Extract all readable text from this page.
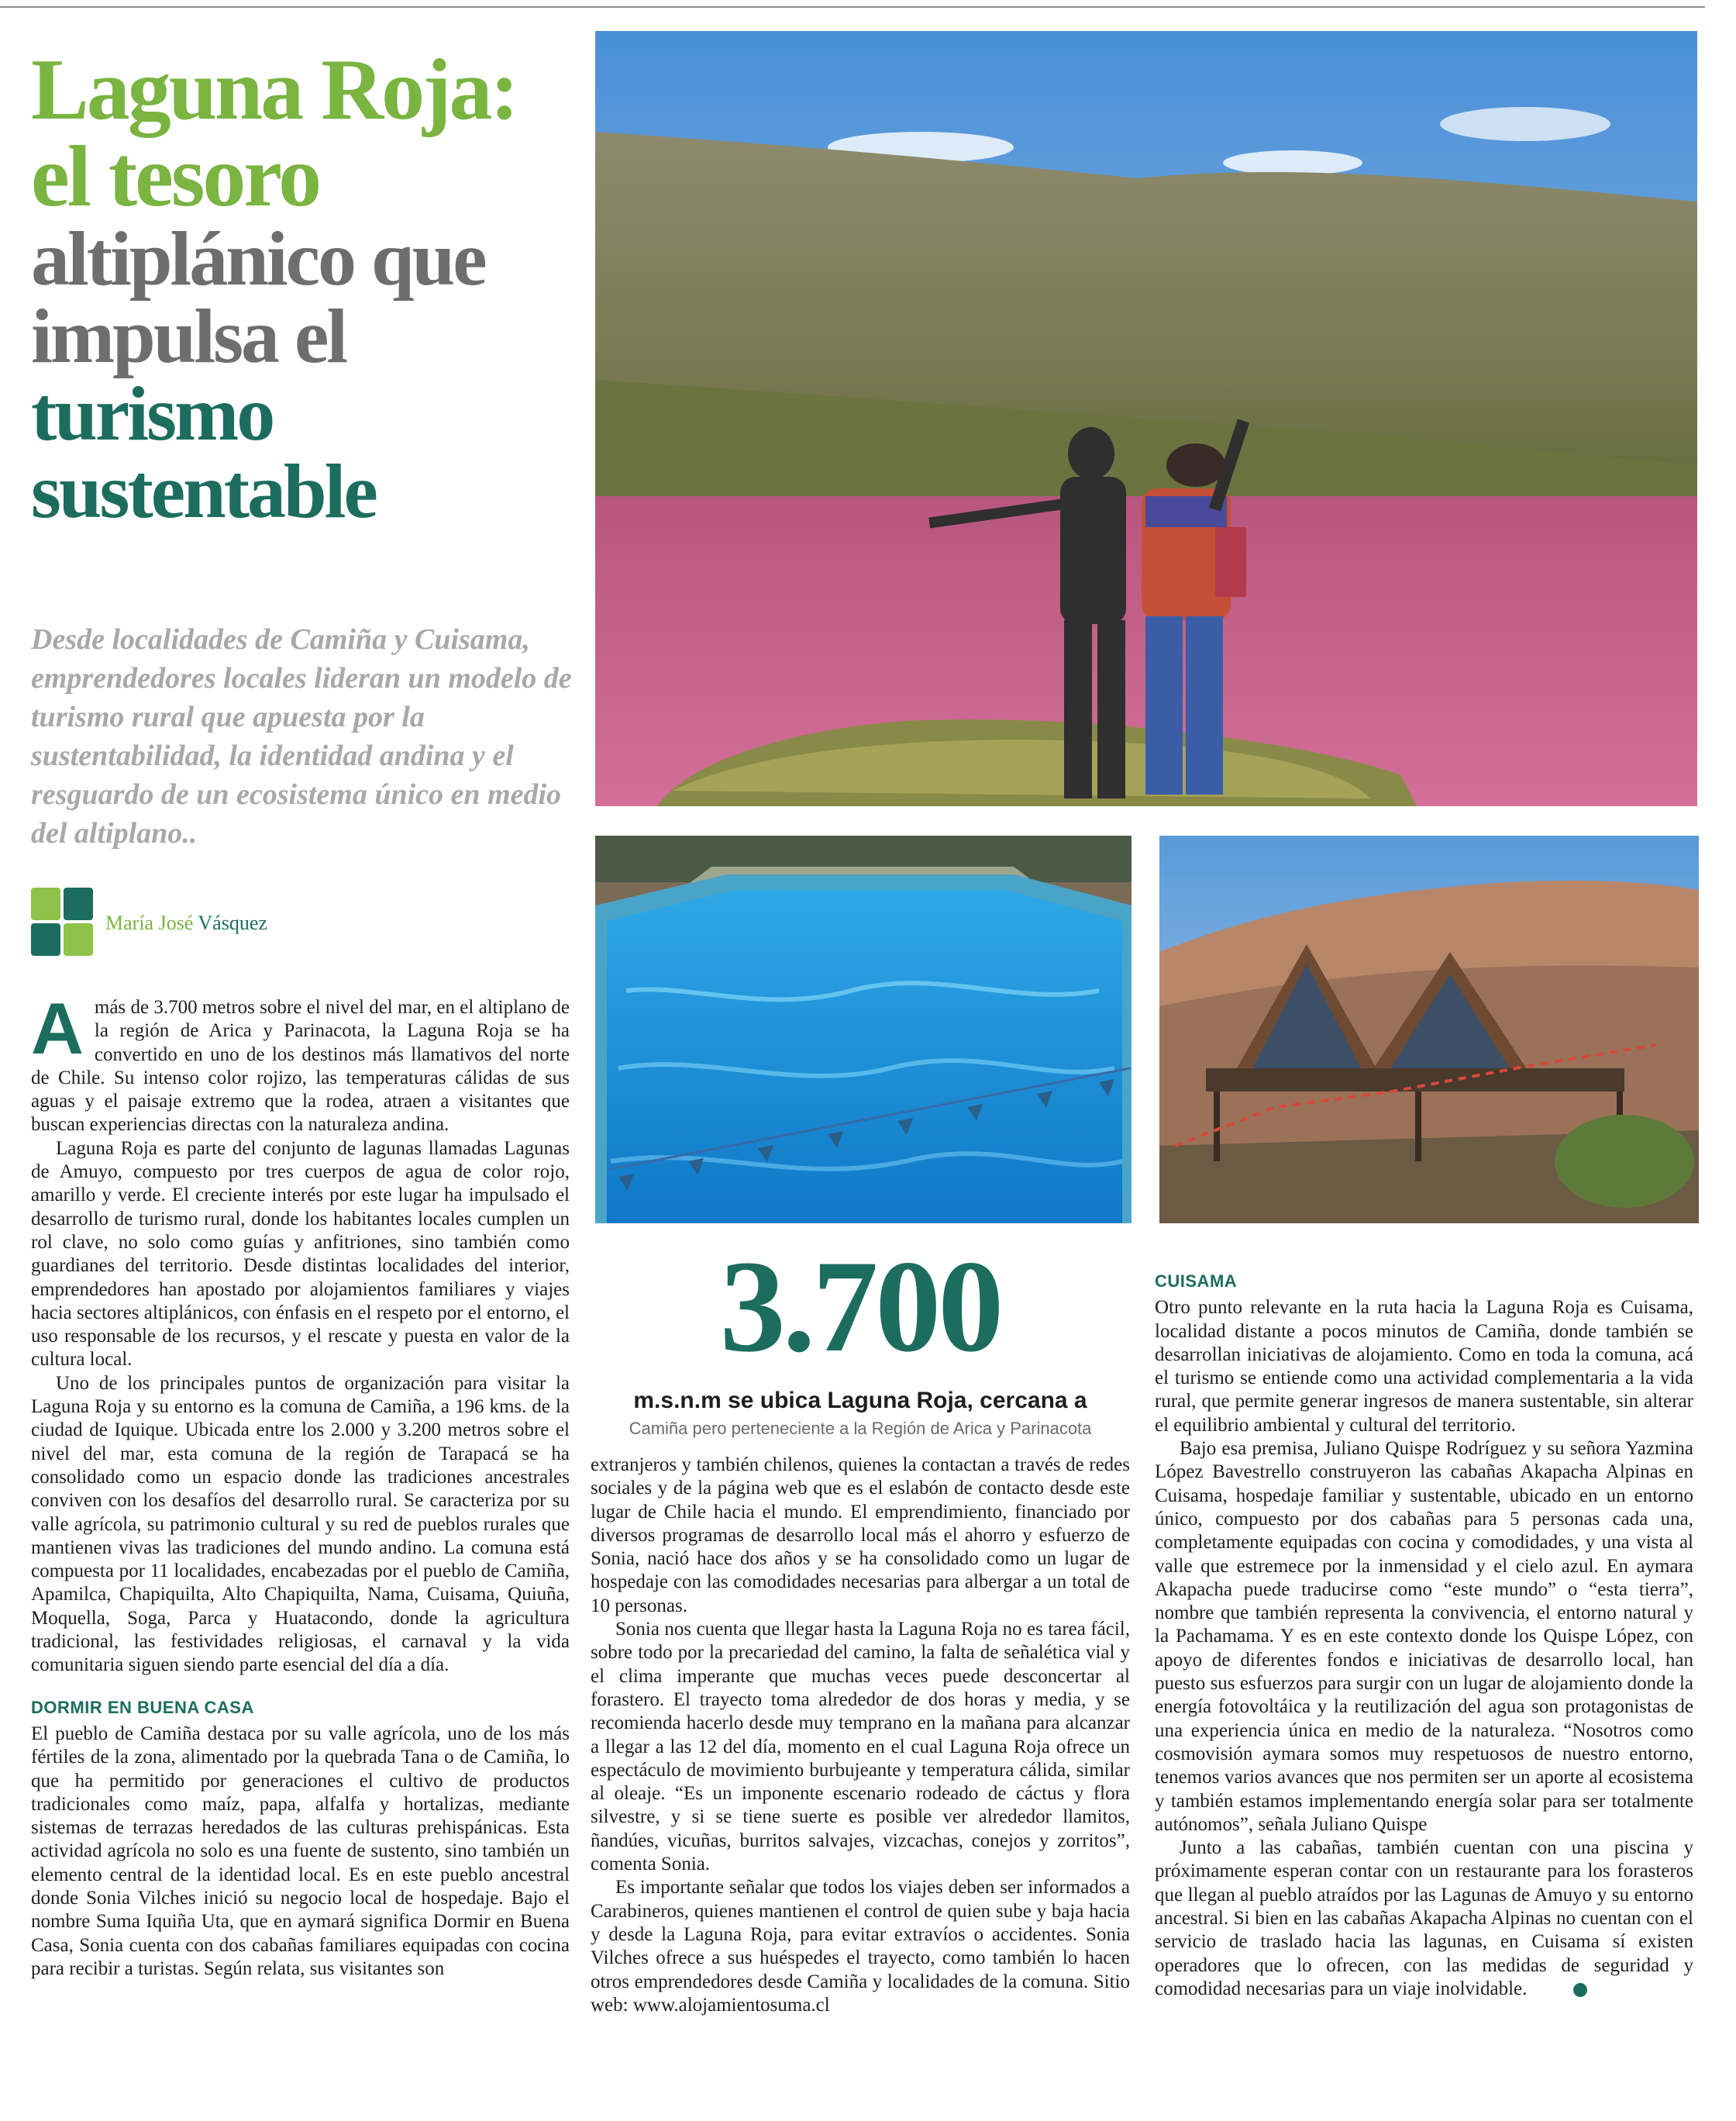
Laguna Roja:
el tesoro
altiplánico que
impulsa el
turismo
sustentable

Desde localidades de Camiña y Cuisama, emprendedores locales lideran un modelo de turismo rural que apuesta por la sustentabilidad, la identidad andina y el resguardo de un ecosistema único en medio del altiplano..

María José Vásquez

A más de 3.700 metros sobre el nivel del mar, en el altiplano de la región de Arica y Parinacota, la Laguna Roja se ha convertido en uno de los destinos más llamativos del norte de Chile. Su intenso color rojizo, las temperaturas cálidas de sus aguas y el paisaje extremo que la rodea, atraen a visitantes que buscan experiencias directas con la naturaleza andina.

Laguna Roja es parte del conjunto de lagunas llamadas Lagunas de Amuyo, compuesto por tres cuerpos de agua de color rojo, amarillo y verde. El creciente interés por este lugar ha impulsado el desarrollo de turismo rural, donde los habitantes locales cumplen un rol clave, no solo como guías y anfitriones, sino también como guardianes del territorio. Desde distintas localidades del interior, emprendedores han apostado por alojamientos familiares y viajes hacia sectores altiplánicos, con énfasis en el respeto por el entorno, el uso responsable de los recursos, y el rescate y puesta en valor de la cultura local.

Uno de los principales puntos de organización para visitar la Laguna Roja y su entorno es la comuna de Camiña, a 196 kms. de la ciudad de Iquique. Ubicada entre los 2.000 y 3.200 metros sobre el nivel del mar, esta comuna de la región de Tarapacá se ha consolidado como un espacio donde las tradiciones ancestrales conviven con los desafíos del desarrollo rural. Se caracteriza por su valle agrícola, su patrimonio cultural y su red de pueblos rurales que mantienen vivas las tradiciones del mundo andino. La comuna está compuesta por 11 localidades, encabezadas por el pueblo de Camiña, Apamilca, Chapiquilta, Alto Chapiquilta, Nama, Cuisama, Quiuña, Moquella, Soga, Parca y Huatacondo, donde la agricultura tradicional, las festividades religiosas, el carnaval y la vida comunitaria siguen siendo parte esencial del día a día.

DORMIR EN BUENA CASA

El pueblo de Camiña destaca por su valle agrícola, uno de los más fértiles de la zona, alimentado por la quebrada Tana o de Camiña, lo que ha permitido por generaciones el cultivo de productos tradicionales como maíz, papa, alfalfa y hortalizas, mediante sistemas de terrazas heredados de las culturas prehispánicas. Esta actividad agrícola no solo es una fuente de sustento, sino también un elemento central de la identidad local. Es en este pueblo ancestral donde Sonia Vilches inició su negocio local de hospedaje. Bajo el nombre Suma Iquiña Uta, que en aymará significa Dormir en Buena Casa, Sonia cuenta con dos cabañas familiares equipadas con cocina para recibir a turistas. Según relata, sus visitantes son

3.700
m.s.n.m se ubica Laguna Roja, cercana a
Camiña pero perteneciente a la Región de Arica y Parinacota

extranjeros y también chilenos, quienes la contactan a través de redes sociales y de la página web que es el eslabón de contacto desde este lugar de Chile hacia el mundo. El emprendimiento, financiado por diversos programas de desarrollo local más el ahorro y esfuerzo de Sonia, nació hace dos años y se ha consolidado como un lugar de hospedaje con las comodidades necesarias para albergar a un total de 10 personas.

Sonia nos cuenta que llegar hasta la Laguna Roja no es tarea fácil, sobre todo por la precariedad del camino, la falta de señalética vial y el clima imperante que muchas veces puede desconcertar al forastero. El trayecto toma alrededor de dos horas y media, y se recomienda hacerlo desde muy temprano en la mañana para alcanzar a llegar a las 12 del día, momento en el cual Laguna Roja ofrece un espectáculo de movimiento burbujeante y temperatura cálida, similar al oleaje. “Es un imponente escenario rodeado de cáctus y flora silvestre, y si se tiene suerte es posible ver alrededor llamitos, ñandúes, vicuñas, burritos salvajes, vizcachas, conejos y zorritos”, comenta Sonia.

Es importante señalar que todos los viajes deben ser informados a Carabineros, quienes mantienen el control de quien sube y baja hacia y desde la Laguna Roja, para evitar extravíos o accidentes. Sonia Vilches ofrece a sus huéspedes el trayecto, como también lo hacen otros emprendedores desde Camiña y localidades de la comuna. Sitio web: www.alojamientosuma.cl

CUISAMA

Otro punto relevante en la ruta hacia la Laguna Roja es Cuisama, localidad distante a pocos minutos de Camiña, donde también se desarrollan iniciativas de alojamiento. Como en toda la comuna, acá el turismo se entiende como una actividad complementaria a la vida rural, que permite generar ingresos de manera sustentable, sin alterar el equilibrio ambiental y cultural del territorio.

Bajo esa premisa, Juliano Quispe Rodríguez y su señora Yazmina López Bavestrello construyeron las cabañas Akapacha Alpinas en Cuisama, hospedaje familiar y sustentable, ubicado en un entorno único, compuesto por dos cabañas para 5 personas cada una, completamente equipadas con cocina y comodidades, y una vista al valle que estremece por la inmensidad y el cielo azul. En aymara Akapacha puede traducirse como “este mundo” o “esta tierra”, nombre que también representa la convivencia, el entorno natural y la Pachamama. Y es en este contexto donde los Quispe López, con apoyo de diferentes fondos e iniciativas de desarrollo local, han puesto sus esfuerzos para surgir con un lugar de alojamiento donde la energía fotovoltáica y la reutilización del agua son protagonistas de una experiencia única en medio de la naturaleza. “Nosotros como cosmovisión aymara somos muy respetuosos de nuestro entorno, tenemos varios avances que nos permiten ser un aporte al ecosistema y también estamos implementando energía solar para ser totalmente autónomos”, señala Juliano Quispe

Junto a las cabañas, también cuentan con una piscina y próximamente esperan contar con un restaurante para los forasteros que llegan al pueblo atraídos por las Lagunas de Amuyo y su entorno ancestral. Si bien en las cabañas Akapacha Alpinas no cuentan con el servicio de traslado hacia las lagunas, en Cuisama sí existen operadores que lo ofrecen, con las medidas de seguridad y comodidad necesarias para un viaje inolvidable.
